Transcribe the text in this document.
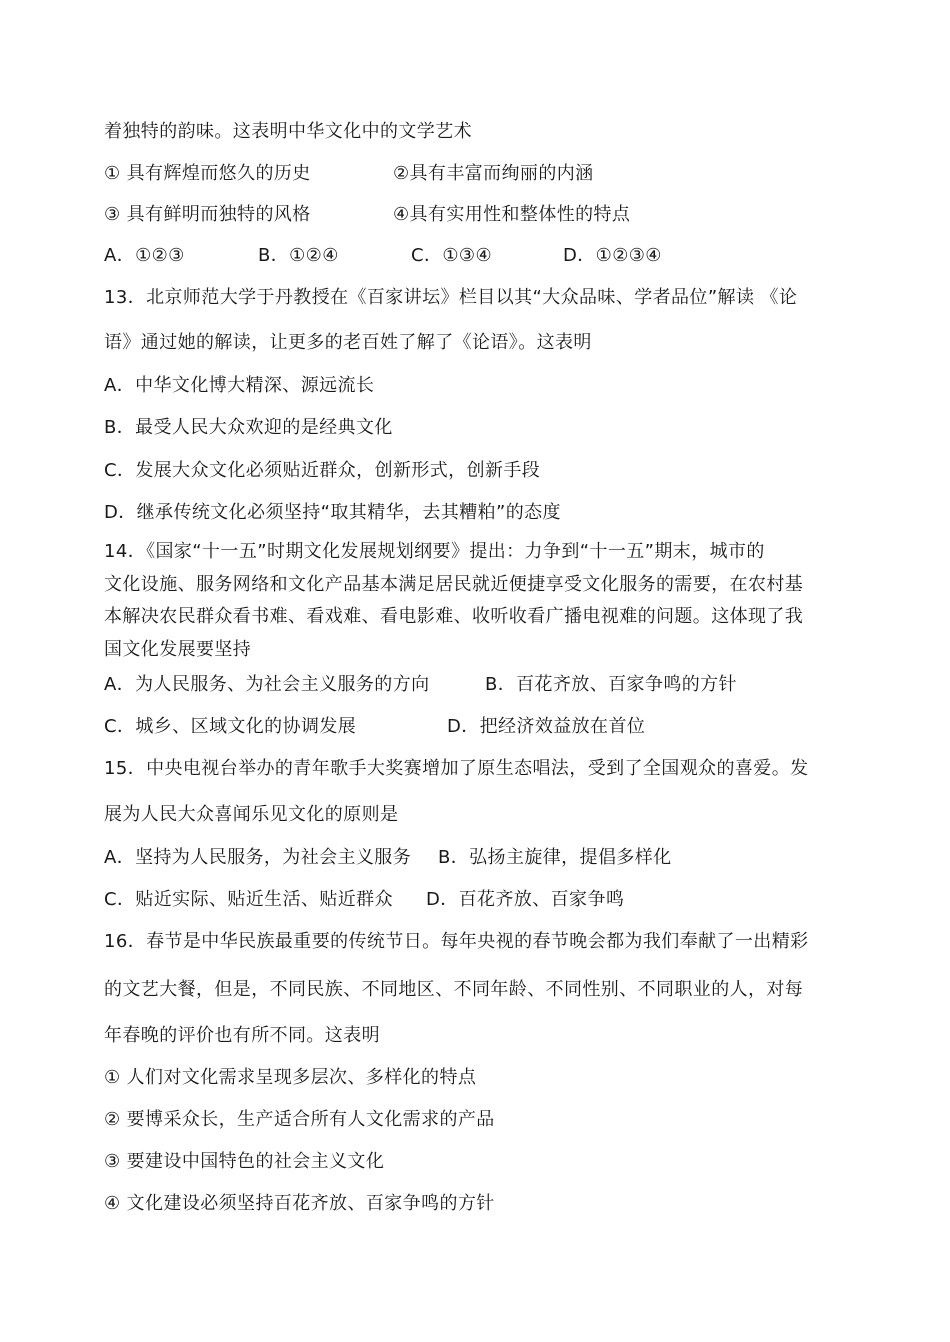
着独特的韵味。这表明中华文化中的文学艺术
① 具有辉煌而悠久的历史	②具有丰富而绚丽的内涵
③ 具有鲜明而独特的风格	④具有实用性和整体性的特点
A．①②③	B．①②④	C．①③④	D．①②③④
13．北京师范大学于丹教授在《百家讲坛》栏目以其“大众品味、学者品位”解读 《论
语》通过她的解读，让更多的老百姓了解了《论语》。这表明
A．中华文化博大精深、源远流长
B．最受人民大众欢迎的是经典文化
C．发展大众文化必须贴近群众，创新形式，创新手段
D．继承传统文化必须坚持“取其精华，去其糟粕”的态度
14．《国家“十一五”时期文化发展规划纲要》提出：力争到“十一五”期末，城市的
文化设施、服务网络和文化产品基本满足居民就近便捷享受文化服务的需要，在农村基
本解决农民群众看书难、看戏难、看电影难、收听收看广播电视难的问题。这体现了我
国文化发展要坚持
A．为人民服务、为社会主义服务的方向	B．百花齐放、百家争鸣的方针
C．城乡、区域文化的协调发展	D．把经济效益放在首位
15．中央电视台举办的青年歌手大奖赛增加了原生态唱法，受到了全国观众的喜爱。发
展为人民大众喜闻乐见文化的原则是
A．坚持为人民服务，为社会主义服务 B．弘扬主旋律，提倡多样化
C．贴近实际、贴近生活、贴近群众 D．百花齐放、百家争鸣
16．春节是中华民族最重要的传统节日。每年央视的春节晚会都为我们奉献了一出精彩
的文艺大餐，但是，不同民族、不同地区、不同年龄、不同性别、不同职业的人，对每
年春晚的评价也有所不同。这表明
① 人们对文化需求呈现多层次、多样化的特点
② 要博采众长，生产适合所有人文化需求的产品
③ 要建设中国特色的社会主义文化
④ 文化建设必须坚持百花齐放、百家争鸣的方针
